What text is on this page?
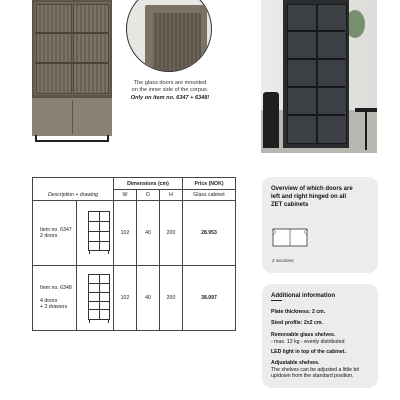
The glass doors are mounted
on the inner side of the corpus.
Only on item no. 6347 + 6348!
		Dimensions (cm)			Price (NOK)
Description + drawing		W	D	H	Glass cabinet

Item no. 6347
2 doors		102	40	200	28.953

Item no. 6348

4 doors
+ 2 drawers		102	40	200	38.097
Overview of which doors are
left and right hinged on all
ZET cabinets
2 sections
Additional information
Plate thickness: 2 cm.
Steel profile: 2x2 cm.
Removable glass shelves.
- max. 12 kg - evenly distributed
LED light in top of the cabinet.
Adjustable shelves.
The shelves can be adjusted a little bit
up/down from the standard position.
